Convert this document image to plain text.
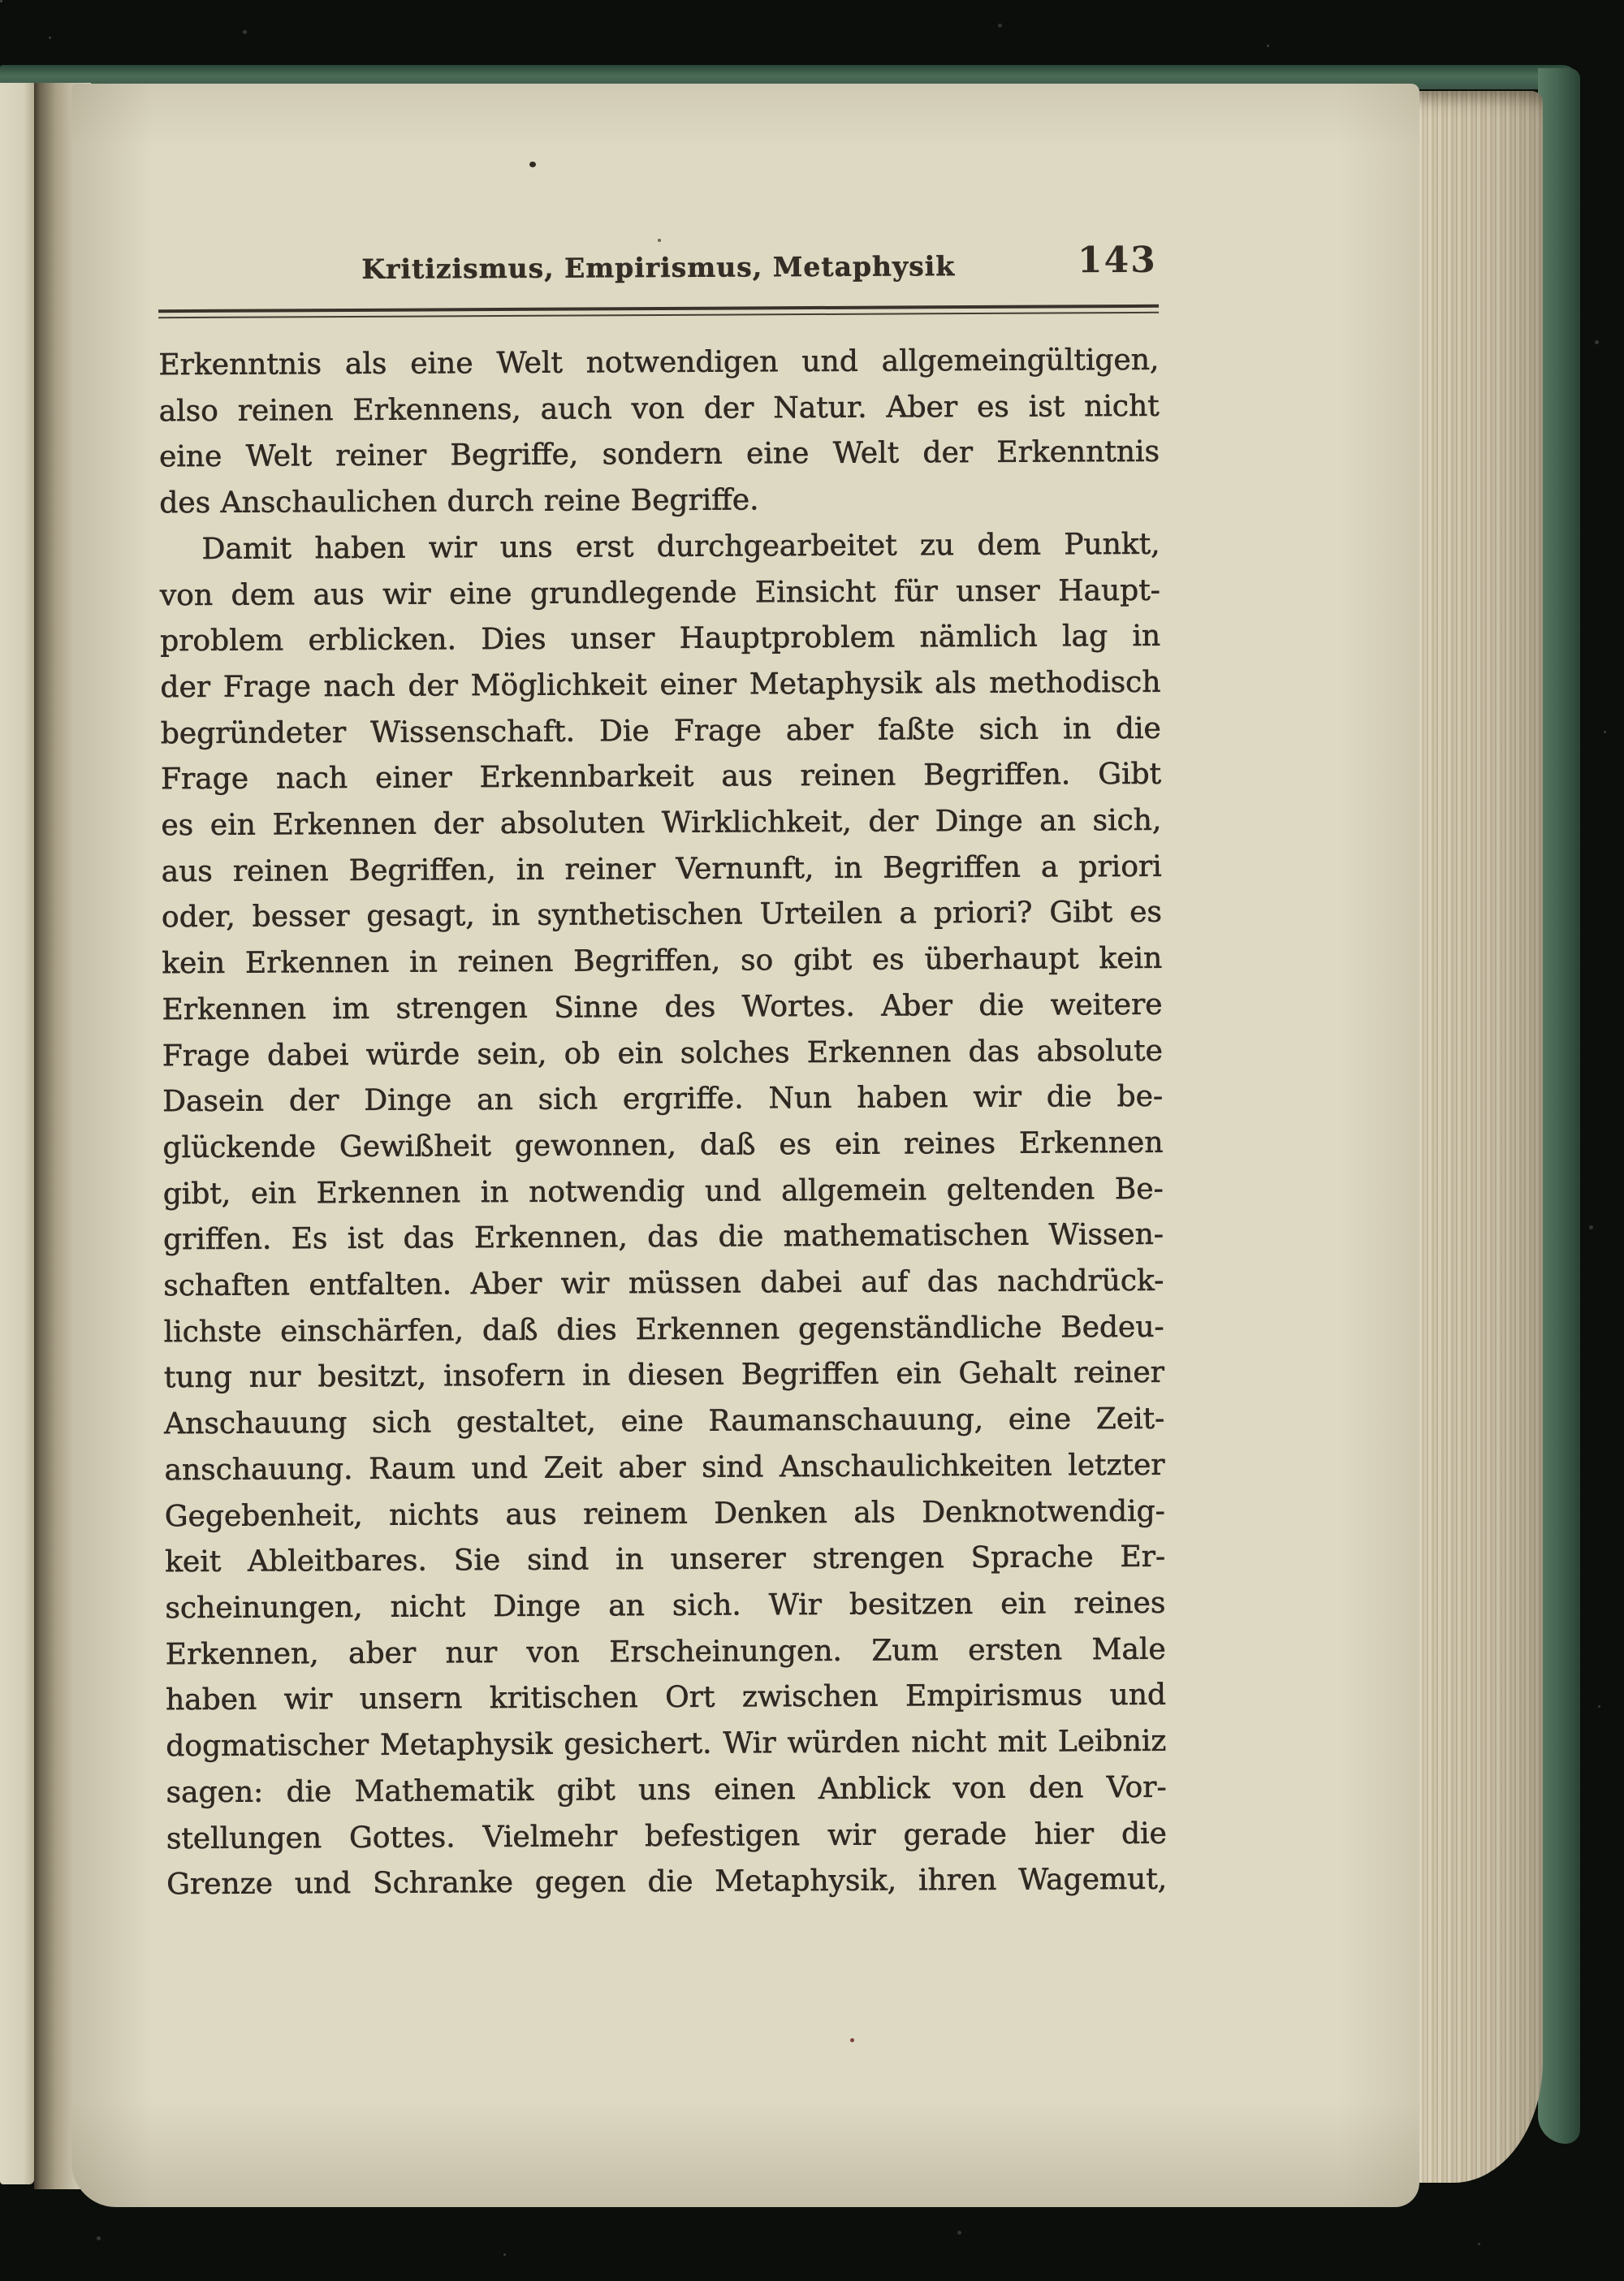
Kritizismus, Empirismus, Metaphysik	143
Erkenntnis als eine Welt notwendigen und allgemeingültigen,
also reinen Erkennens, auch von der Natur. Aber es ist nicht
eine Welt reiner Begriffe, sondern eine Welt der Erkenntnis
des Anschaulichen durch reine Begriffe.
Damit haben wir uns erst durchgearbeitet zu dem Punkt,
von dem aus wir eine grundlegende Einsicht für unser Haupt-
problem erblicken. Dies unser Hauptproblem nämlich lag in
der Frage nach der Möglichkeit einer Metaphysik als methodisch
begründeter Wissenschaft. Die Frage aber faßte sich in die
Frage nach einer Erkennbarkeit aus reinen Begriffen. Gibt
es ein Erkennen der absoluten Wirklichkeit, der Dinge an sich,
aus reinen Begriffen, in reiner Vernunft, in Begriffen a priori
oder, besser gesagt, in synthetischen Urteilen a priori? Gibt es
kein Erkennen in reinen Begriffen, so gibt es überhaupt kein
Erkennen im strengen Sinne des Wortes. Aber die weitere
Frage dabei würde sein, ob ein solches Erkennen das absolute
Dasein der Dinge an sich ergriffe. Nun haben wir die be-
glückende Gewißheit gewonnen, daß es ein reines Erkennen
gibt, ein Erkennen in notwendig und allgemein geltenden Be-
griffen. Es ist das Erkennen, das die mathematischen Wissen-
schaften entfalten. Aber wir müssen dabei auf das nachdrück-
lichste einschärfen, daß dies Erkennen gegenständliche Bedeu-
tung nur besitzt, insofern in diesen Begriffen ein Gehalt reiner
Anschauung sich gestaltet, eine Raumanschauung, eine Zeit-
anschauung. Raum und Zeit aber sind Anschaulichkeiten letzter
Gegebenheit, nichts aus reinem Denken als Denknotwendig-
keit Ableitbares. Sie sind in unserer strengen Sprache Er-
scheinungen, nicht Dinge an sich. Wir besitzen ein reines
Erkennen, aber nur von Erscheinungen. Zum ersten Male
haben wir unsern kritischen Ort zwischen Empirismus und
dogmatischer Metaphysik gesichert. Wir würden nicht mit Leibniz
sagen: die Mathematik gibt uns einen Anblick von den Vor-
stellungen Gottes. Vielmehr befestigen wir gerade hier die
Grenze und Schranke gegen die Metaphysik, ihren Wagemut,
